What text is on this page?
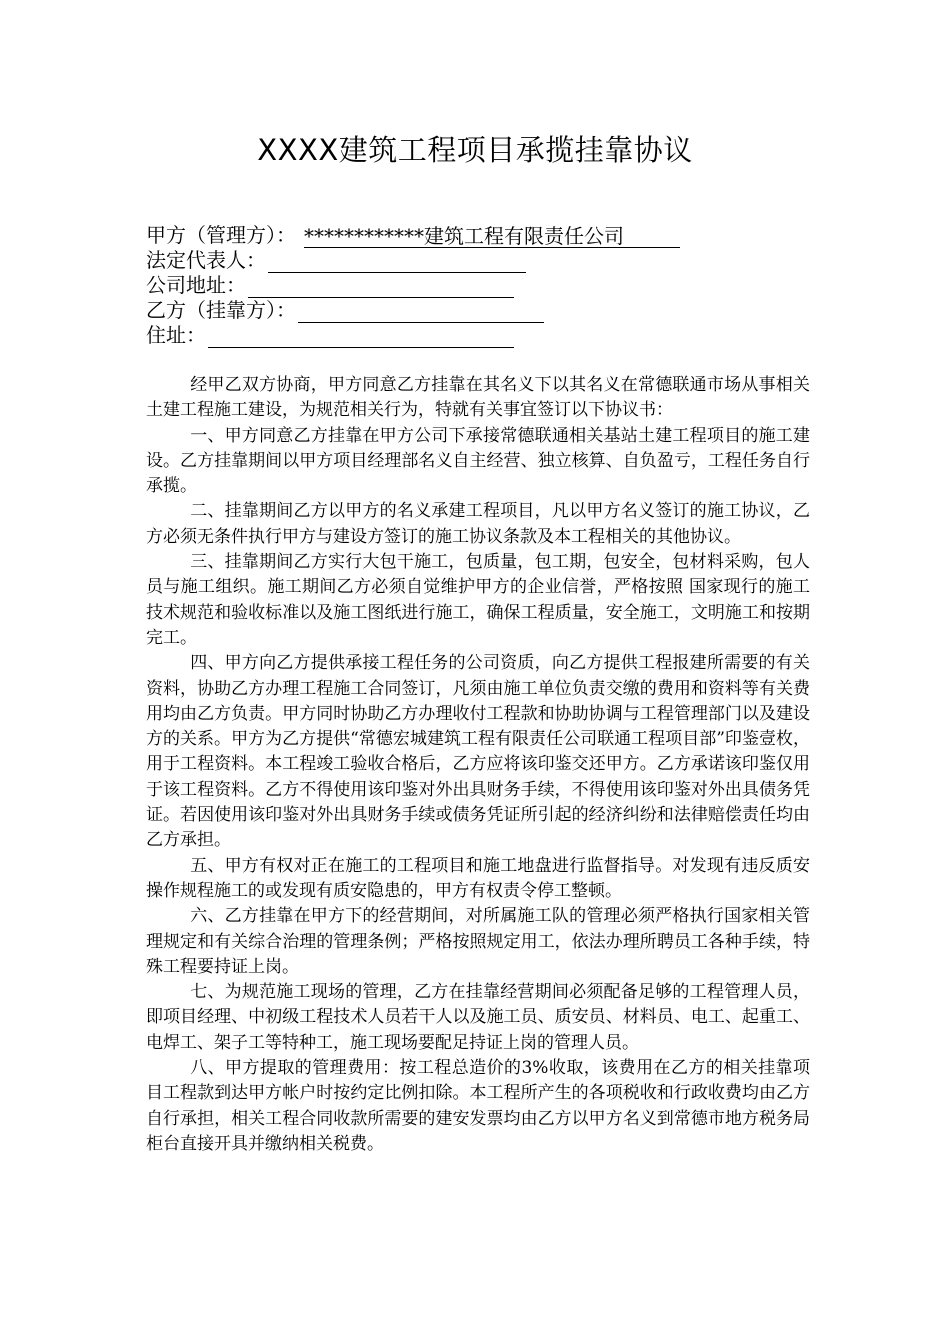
XXXX建筑工程项目承揽挂靠协议
甲方（管理方）： ************建筑工程有限责任公司
法定代表人：
公司地址：
乙方（挂靠方）：
住址：

经甲乙双方协商，甲方同意乙方挂靠在其名义下以其名义在常德联通市场从事相关土建工程施工建设，为规范相关行为，特就有关事宜签订以下协议书：

一、甲方同意乙方挂靠在甲方公司下承接常德联通相关基站土建工程项目的施工建设。乙方挂靠期间以甲方项目经理部名义自主经营、独立核算、自负盈亏，工程任务自行承揽。

二、挂靠期间乙方以甲方的名义承建工程项目，凡以甲方名义签订的施工协议，乙方必须无条件执行甲方与建设方签订的施工协议条款及本工程相关的其他协议。

三、挂靠期间乙方实行大包干施工，包质量，包工期，包安全，包材料采购，包人员与施工组织。施工期间乙方必须自觉维护甲方的企业信誉，严格按照 国家现行的施工技术规范和验收标准以及施工图纸进行施工，确保工程质量，安全施工，文明施工和按期完工。

四、甲方向乙方提供承接工程任务的公司资质，向乙方提供工程报建所需要的有关资料，协助乙方办理工程施工合同签订，凡须由施工单位负责交缴的费用和资料等有关费用均由乙方负责。甲方同时协助乙方办理收付工程款和协助协调与工程管理部门以及建设方的关系。甲方为乙方提供“常德宏城建筑工程有限责任公司联通工程项目部”印鉴壹枚，用于工程资料。本工程竣工验收合格后，乙方应将该印鉴交还甲方。乙方承诺该印鉴仅用于该工程资料。乙方不得使用该印鉴对外出具财务手续，不得使用该印鉴对外出具债务凭证。若因使用该印鉴对外出具财务手续或债务凭证所引起的经济纠纷和法律赔偿责任均由乙方承担。

五、甲方有权对正在施工的工程项目和施工地盘进行监督指导。对发现有违反质安操作规程施工的或发现有质安隐患的，甲方有权责令停工整顿。

六、乙方挂靠在甲方下的经营期间，对所属施工队的管理必须严格执行国家相关管理规定和有关综合治理的管理条例；严格按照规定用工，依法办理所聘员工各种手续，特殊工程要持证上岗。

七、为规范施工现场的管理，乙方在挂靠经营期间必须配备足够的工程管理人员，即项目经理、中初级工程技术人员若干人以及施工员、质安员、材料员、电工、起重工、电焊工、架子工等特种工，施工现场要配足持证上岗的管理人员。

八、甲方提取的管理费用：按工程总造价的3%收取，该费用在乙方的相关挂靠项目工程款到达甲方帐户时按约定比例扣除。本工程所产生的各项税收和行政收费均由乙方自行承担，相关工程合同收款所需要的建安发票均由乙方以甲方名义到常德市地方税务局柜台直接开具并缴纳相关税费。
